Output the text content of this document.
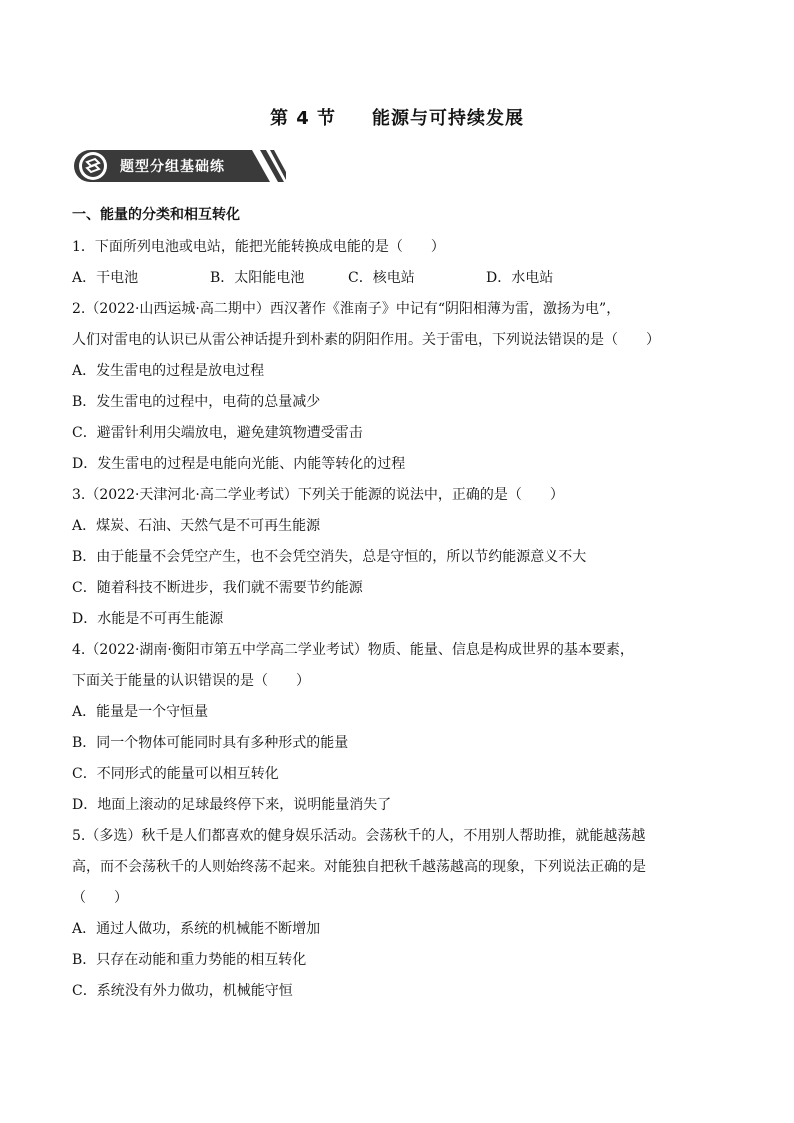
第 4 节 能源与可持续发展
题型分组基础练
一、能量的分类和相互转化
1．下面所列电池或电站，能把光能转换成电能的是（　　）
A．干电池	B．太阳能电池	C．核电站	D．水电站
2.（2022·山西运城·高二期中）西汉著作《淮南子》中记有“阴阳相薄为雷，激扬为电”，
人们对雷电的认识已从雷公神话提升到朴素的阴阳作用。关于雷电，下列说法错误的是（　　）
A．发生雷电的过程是放电过程
B．发生雷电的过程中，电荷的总量减少
C．避雷针利用尖端放电，避免建筑物遭受雷击
D．发生雷电的过程是电能向光能、内能等转化的过程
3.（2022·天津河北·高二学业考试）下列关于能源的说法中，正确的是（　　）
A．煤炭、石油、天然气是不可再生能源
B．由于能量不会凭空产生，也不会凭空消失，总是守恒的，所以节约能源意义不大
C．随着科技不断进步，我们就不需要节约能源
D．水能是不可再生能源
4.（2022·湖南·衡阳市第五中学高二学业考试）物质、能量、信息是构成世界的基本要素，
下面关于能量的认识错误的是（　　）
A．能量是一个守恒量
B．同一个物体可能同时具有多种形式的能量
C．不同形式的能量可以相互转化
D．地面上滚动的足球最终停下来，说明能量消失了
5.（多选）秋千是人们都喜欢的健身娱乐活动。会荡秋千的人，不用别人帮助推，就能越荡越
高，而不会荡秋千的人则始终荡不起来。对能独自把秋千越荡越高的现象，下列说法正确的是
（　　）
A．通过人做功，系统的机械能不断增加
B．只存在动能和重力势能的相互转化
C．系统没有外力做功，机械能守恒
